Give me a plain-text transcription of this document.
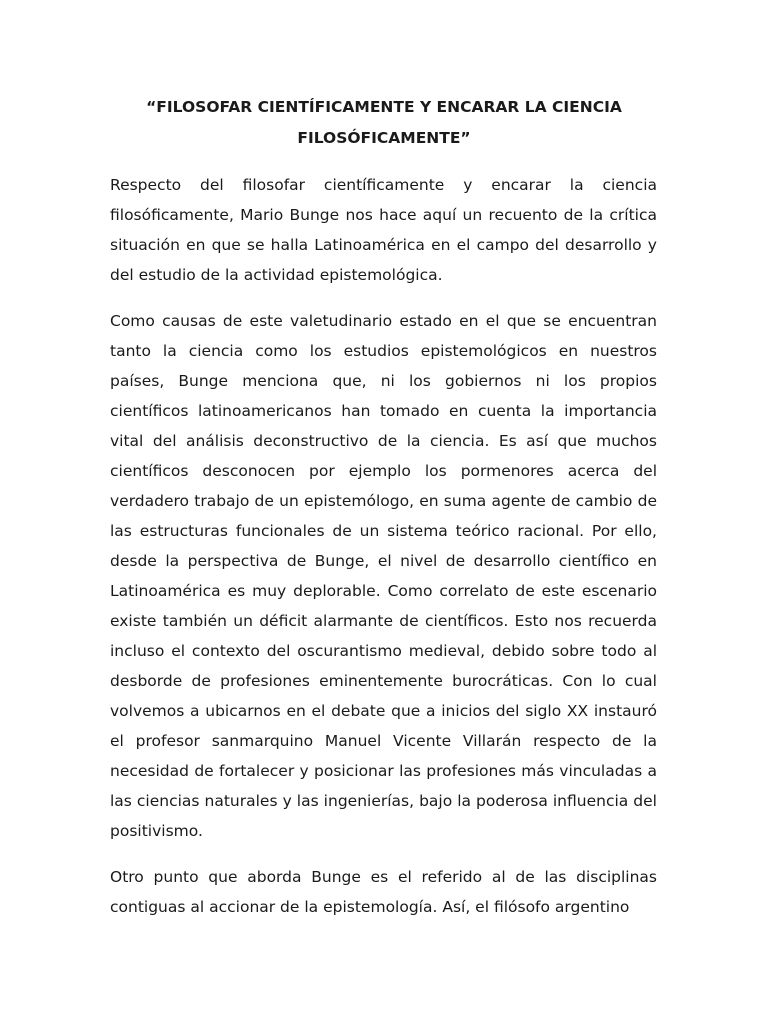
“FILOSOFAR CIENTÍFICAMENTE Y ENCARAR LA CIENCIA
FILOSÓFICAMENTE”

Respecto del filosofar científicamente y encarar la ciencia filosóficamente, Mario Bunge nos hace aquí un recuento de la crítica situación en que se halla Latinoamérica en el campo del desarrollo y del estudio de la actividad epistemológica.

Como causas de este valetudinario estado en el que se encuentran tanto la ciencia como los estudios epistemológicos en nuestros países, Bunge menciona que, ni los gobiernos ni los propios científicos latinoamericanos han tomado en cuenta la importancia vital del análisis deconstructivo de la ciencia. Es así que muchos científicos desconocen por ejemplo los pormenores acerca del verdadero trabajo de un epistemólogo, en suma agente de cambio de las estructuras funcionales de un sistema teórico racional. Por ello, desde la perspectiva de Bunge, el nivel de desarrollo científico en Latinoamérica es muy deplorable. Como correlato de este escenario existe también un déficit alarmante de científicos. Esto nos recuerda incluso el contexto del oscurantismo medieval, debido sobre todo al desborde de profesiones eminentemente burocráticas. Con lo cual volvemos a ubicarnos en el debate que a inicios del siglo XX instauró el profesor sanmarquino Manuel Vicente Villarán respecto de la necesidad de fortalecer y posicionar las profesiones más vinculadas a las ciencias naturales y las ingenierías, bajo la poderosa influencia del positivismo.

Otro punto que aborda Bunge es el referido al de las disciplinas contiguas al accionar de la epistemología. Así, el filósofo argentino
